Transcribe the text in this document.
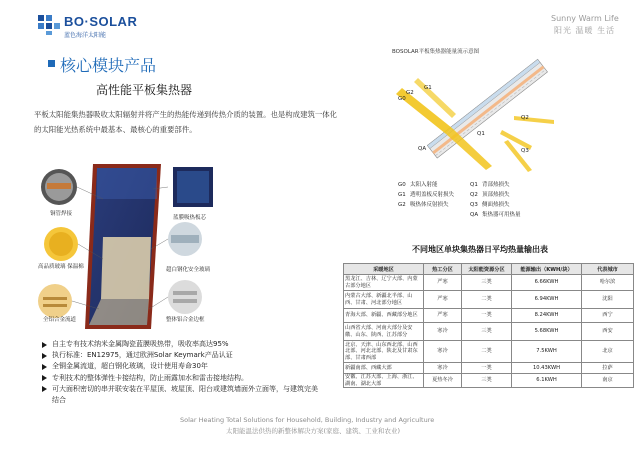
BO·SOLAR
蓝色海洋太阳能
Sunny Warm Life
阳光 温暖 生活
核心模块产品
高性能平板集热器
平板太阳能集热器吸收太阳辐射并将产生的热能传递到传热介质的装置。也是构成建筑一体化的太阳能光热系统中最基本、最核心的重要部件。
BOSOLAR平板集热器能量流示意图
G0
G1
G2
Q1
Q2
Q3
QA
G0 太阳入射能
G1 透明盖板反射损失
G2 吸热体反射损失
Q1 背部热损失
Q2 顶部热损失
Q3 侧面热损失
QA 集热器可用热量
铜管焊接
蓝膜吸热板芯
高品质玻璃 保温棉	超白钢化安全玻璃
全铝合金流道	整体铝合金边框
自主专有技术纳米金属陶瓷蓝膜吸热带，吸收率高达95%
执行标准：EN12975，通过欧洲Solar Keymark产品认证
全铜金属流道，超白钢化玻璃，设计使用寿命30年
专利技术的整体弹性卡接结构，防止雨露加水和雷击接地结构。
可大面积密切的串并联安装在平屋顶、坡屋顶、阳台或建筑墙面外立面等，与建筑完美结合
不同地区单块集热器日平均热量输出表
采暖地区	热工分区	太阳能资源分区	能源输出（KWH/块）	代表城市
黑龙江、吉林、辽宁大部、内蒙古部分地区	严寒	三类	6.66KWH	哈尔滨
内蒙古大部、新疆北半部、山西、甘肃、河北部分地区	严寒	二类	6.94KWH	沈阳
青海大部、新疆、西藏部分地区	严寒	一类	8.24KWH	西宁
山西省大部、河南大部分及安徽、山东、陕西、江苏部分	寒冷	三类	5.68KWH	西安
北京、天津、山东西北部、山西北部、河北北部、陕北及甘肃东部、甘肃西部	寒冷	二类	7.5KWH	北京
新疆南部、西藏大部	寒冷	一类	10.43KWH	拉萨
安徽、江苏大部、上海、浙江、湖南、湖北大部	夏热冬冷	三类	6.1KWH	南京
Solar Heating Total Solutions for Household, Building, Industry and Agriculture
太阳能温法供热的新整体解决方案(家庭、建筑、工业和农业)
